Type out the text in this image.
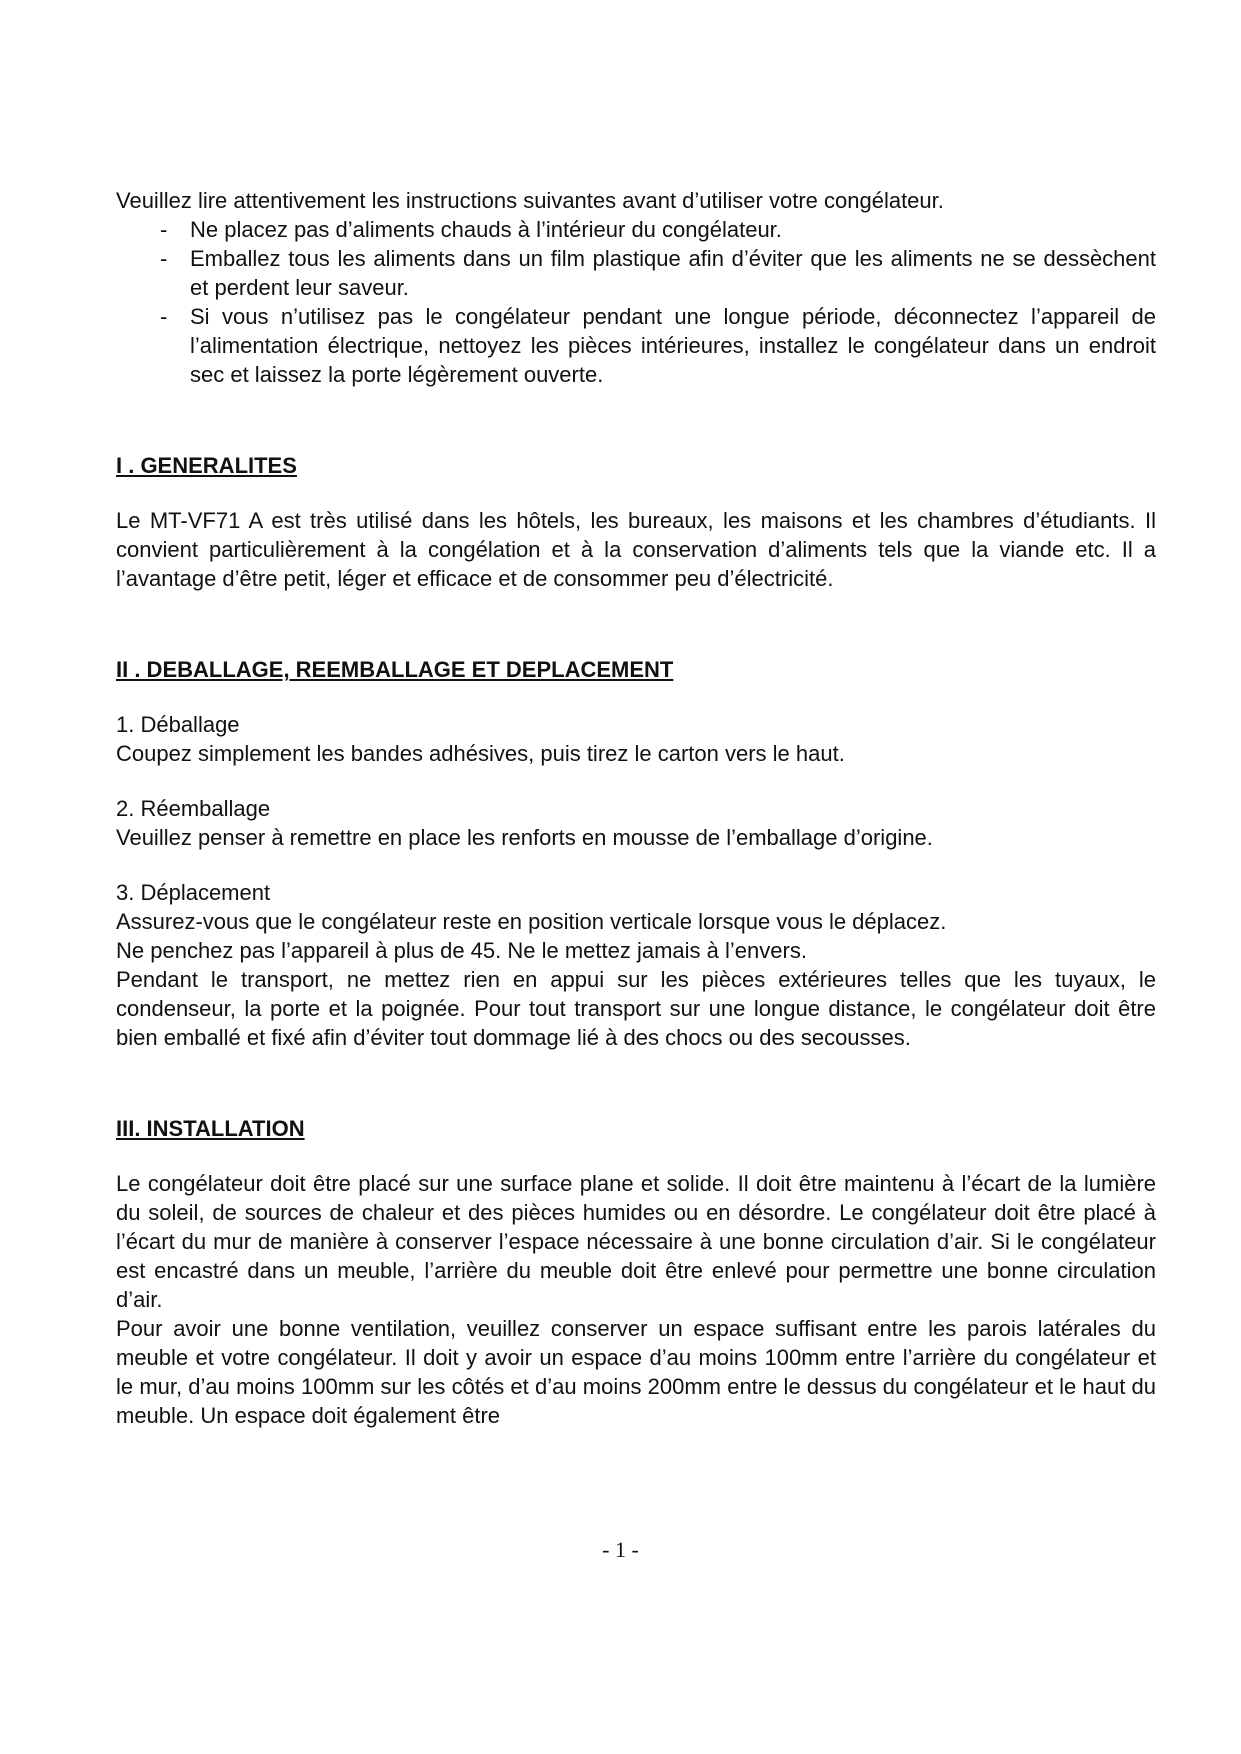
Veuillez lire attentivement les instructions suivantes avant d’utiliser votre congélateur.

- Ne placez pas d’aliments chauds à l’intérieur du congélateur.
- Emballez tous les aliments dans un film plastique afin d’éviter que les aliments ne se dessèchent et perdent leur saveur.
- Si vous n’utilisez pas le congélateur pendant une longue période, déconnectez l’appareil de l’alimentation électrique, nettoyez les pièces intérieures, installez le congélateur dans un endroit sec et laissez la porte légèrement ouverte.

I . GENERALITES

Le MT-VF71 A est très utilisé dans les hôtels, les bureaux, les maisons et les chambres d’étudiants. Il convient particulièrement à la congélation et à la conservation d’aliments tels que la viande etc. Il a l’avantage d’être petit, léger et efficace et de consommer peu d’électricité.

II . DEBALLAGE, REEMBALLAGE ET DEPLACEMENT

1. Déballage

Coupez simplement les bandes adhésives, puis tirez le carton vers le haut.

2. Réemballage

Veuillez penser à remettre en place les renforts en mousse de l’emballage d’origine.

3. Déplacement

Assurez-vous que le congélateur reste en position verticale lorsque vous le déplacez.

Ne penchez pas l’appareil à plus de 45. Ne le mettez jamais à l’envers.

Pendant le transport, ne mettez rien en appui sur les pièces extérieures telles que les tuyaux, le condenseur, la porte et la poignée. Pour tout transport sur une longue distance, le congélateur doit être bien emballé et fixé afin d’éviter tout dommage lié à des chocs ou des secousses.

III. INSTALLATION

Le congélateur doit être placé sur une surface plane et solide. Il doit être maintenu à l’écart de la lumière du soleil, de sources de chaleur et des pièces humides ou en désordre. Le congélateur doit être placé à l’écart du mur de manière à conserver l’espace nécessaire à une bonne circulation d’air. Si le congélateur est encastré dans un meuble, l’arrière du meuble doit être enlevé pour permettre une bonne circulation d’air.

Pour avoir une bonne ventilation, veuillez conserver un espace suffisant entre les parois latérales du meuble et votre congélateur. Il doit y avoir un espace d’au moins 100mm entre l’arrière du congélateur et le mur, d’au moins 100mm sur les côtés et d’au moins 200mm entre le dessus du congélateur et le haut du meuble. Un espace doit également être

- 1 -
